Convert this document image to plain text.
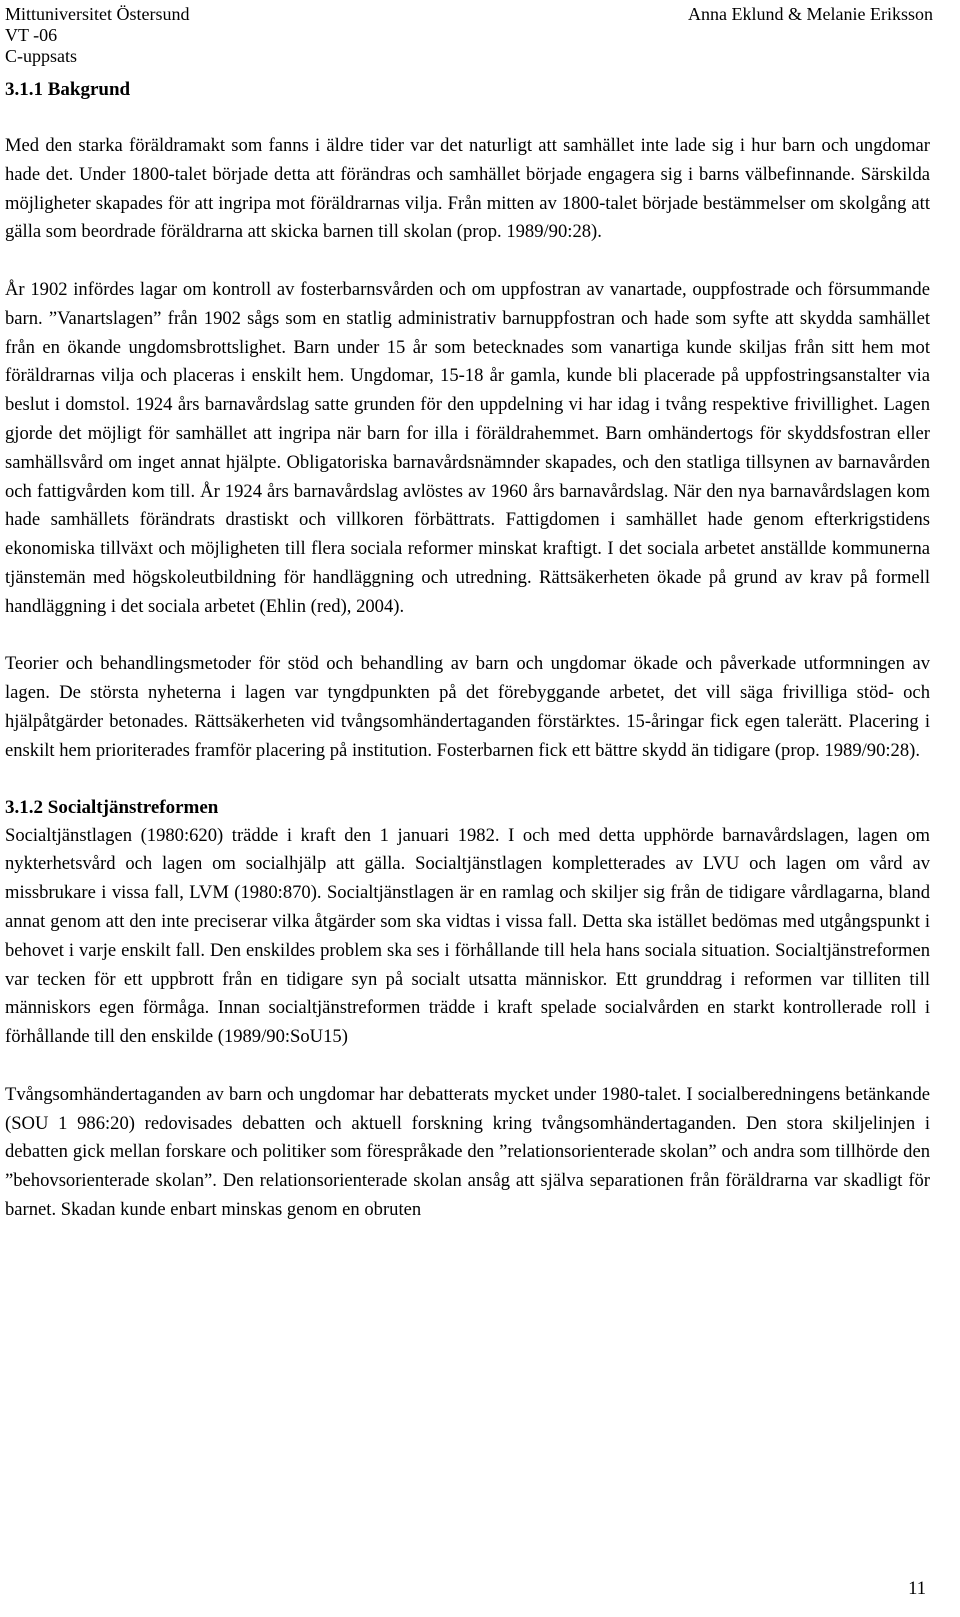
Mittuniversitet Östersund	Anna Eklund & Melanie Eriksson
VT -06
C-uppsats
3.1.1 Bakgrund

Med den starka föräldramakt som fanns i äldre tider var det naturligt att samhället inte lade sig i hur barn och ungdomar hade det. Under 1800-talet började detta att förändras och samhället började engagera sig i barns välbefinnande. Särskilda möjligheter skapades för att ingripa mot föräldrarnas vilja. Från mitten av 1800-talet började bestämmelser om skolgång att gälla som beordrade föräldrarna att skicka barnen till skolan (prop. 1989/90:28).

År 1902 infördes lagar om kontroll av fosterbarnsvården och om uppfostran av vanartade, ouppfostrade och försummande barn. ”Vanartslagen” från 1902 sågs som en statlig administrativ barnuppfostran och hade som syfte att skydda samhället från en ökande ungdomsbrottslighet. Barn under 15 år som betecknades som vanartiga kunde skiljas från sitt hem mot föräldrarnas vilja och placeras i enskilt hem. Ungdomar, 15-18 år gamla, kunde bli placerade på uppfostringsanstalter via beslut i domstol. 1924 års barnavårdslag satte grunden för den uppdelning vi har idag i tvång respektive frivillighet. Lagen gjorde det möjligt för samhället att ingripa när barn for illa i föräldrahemmet. Barn omhändertogs för skyddsfostran eller samhällsvård om inget annat hjälpte. Obligatoriska barnavårdsnämnder skapades, och den statliga tillsynen av barnavården och fattigvården kom till. År 1924 års barnavårdslag avlöstes av 1960 års barnavårdslag. När den nya barnavårdslagen kom hade samhällets förändrats drastiskt och villkoren förbättrats. Fattigdomen i samhället hade genom efterkrigstidens ekonomiska tillväxt och möjligheten till flera sociala reformer minskat kraftigt. I det sociala arbetet anställde kommunerna tjänstemän med högskoleutbildning för handläggning och utredning. Rättsäkerheten ökade på grund av krav på formell handläggning i det sociala arbetet (Ehlin (red), 2004).

Teorier och behandlingsmetoder för stöd och behandling av barn och ungdomar ökade och påverkade utformningen av lagen. De största nyheterna i lagen var tyngdpunkten på det förebyggande arbetet, det vill säga frivilliga stöd- och hjälpåtgärder betonades. Rättsäkerheten vid tvångsomhändertaganden förstärktes. 15-åringar fick egen talerätt. Placering i enskilt hem prioriterades framför placering på institution. Fosterbarnen fick ett bättre skydd än tidigare (prop. 1989/90:28).

3.1.2 Socialtjänstreformen

Socialtjänstlagen (1980:620) trädde i kraft den 1 januari 1982. I och med detta upphörde barnavårdslagen, lagen om nykterhetsvård och lagen om socialhjälp att gälla. Socialtjänstlagen kompletterades av LVU och lagen om vård av missbrukare i vissa fall, LVM (1980:870). Socialtjänstlagen är en ramlag och skiljer sig från de tidigare vårdlagarna, bland annat genom att den inte preciserar vilka åtgärder som ska vidtas i vissa fall. Detta ska istället bedömas med utgångspunkt i behovet i varje enskilt fall. Den enskildes problem ska ses i förhållande till hela hans sociala situation. Socialtjänstreformen var tecken för ett uppbrott från en tidigare syn på socialt utsatta människor. Ett grunddrag i reformen var tilliten till människors egen förmåga. Innan socialtjänstreformen trädde i kraft spelade socialvården en starkt kontrollerade roll i förhållande till den enskilde (1989/90:SoU15)

Tvångsomhändertaganden av barn och ungdomar har debatterats mycket under 1980-talet. I socialberedningens betänkande (SOU 1 986:20) redovisades debatten och aktuell forskning kring tvångsomhändertaganden. Den stora skiljelinjen i debatten gick mellan forskare och politiker som förespråkade den ”relationsorienterade skolan” och andra som tillhörde den ”behovsorienterade skolan”. Den relationsorienterade skolan ansåg att själva separationen från föräldrarna var skadligt för barnet. Skadan kunde enbart minskas genom en obruten

11
